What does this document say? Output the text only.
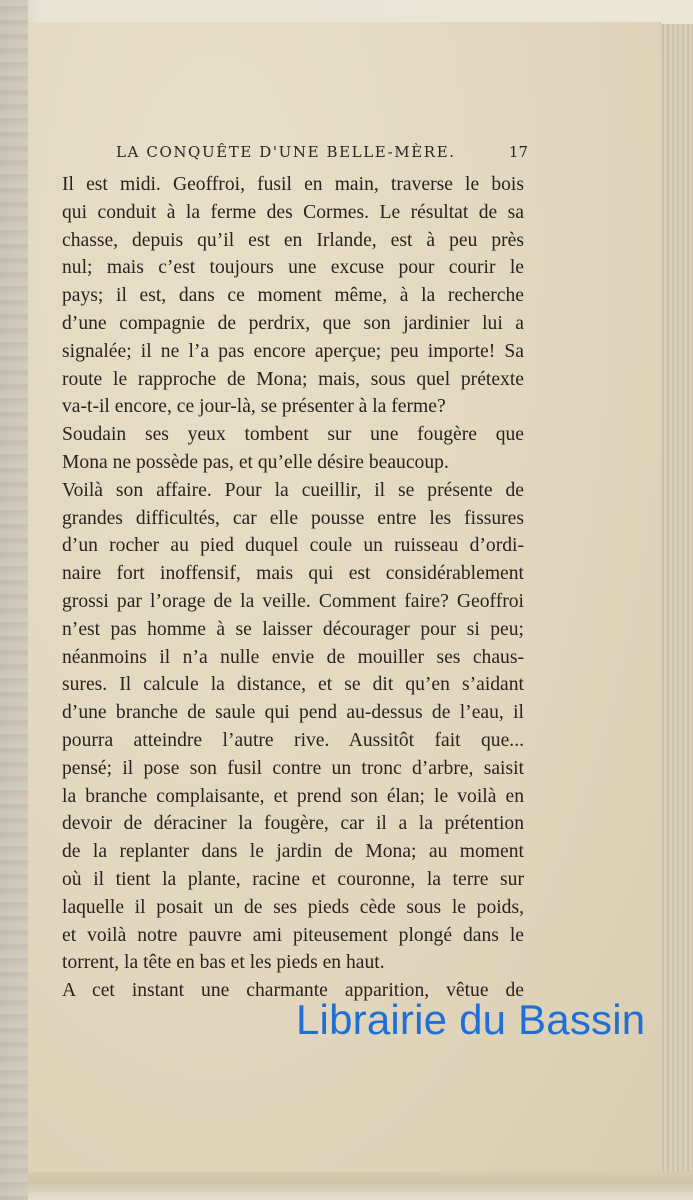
LA CONQUÊTE D'UNE BELLE-MÈRE.	17
Il est midi. Geoffroi, fusil en main, traverse le bois
qui conduit à la ferme des Cormes. Le résultat de sa
chasse, depuis qu’il est en Irlande, est à peu près
nul; mais c’est toujours une excuse pour courir le
pays; il est, dans ce moment même, à la recherche
d’une compagnie de perdrix, que son jardinier lui a
signalée; il ne l’a pas encore aperçue; peu importe! Sa
route le rapproche de Mona; mais, sous quel prétexte
va-t-il encore, ce jour-là, se présenter à la ferme?
Soudain ses yeux tombent sur une fougère que
Mona ne possède pas, et qu’elle désire beaucoup.
Voilà son affaire. Pour la cueillir, il se présente de
grandes difficultés, car elle pousse entre les fissures
d’un rocher au pied duquel coule un ruisseau d’ordi-
naire fort inoffensif, mais qui est considérablement
grossi par l’orage de la veille. Comment faire? Geoffroi
n’est pas homme à se laisser décourager pour si peu;
néanmoins il n’a nulle envie de mouiller ses chaus-
sures. Il calcule la distance, et se dit qu’en s’aidant
d’une branche de saule qui pend au-dessus de l’eau, il
pourra atteindre l’autre rive. Aussitôt fait que...
pensé; il pose son fusil contre un tronc d’arbre, saisit
la branche complaisante, et prend son élan; le voilà en
devoir de déraciner la fougère, car il a la prétention
de la replanter dans le jardin de Mona; au moment
où il tient la plante, racine et couronne, la terre sur
laquelle il posait un de ses pieds cède sous le poids,
et voilà notre pauvre ami piteusement plongé dans le
torrent, la tête en bas et les pieds en haut.
A cet instant une charmante apparition, vêtue de
Librairie du Bassin
